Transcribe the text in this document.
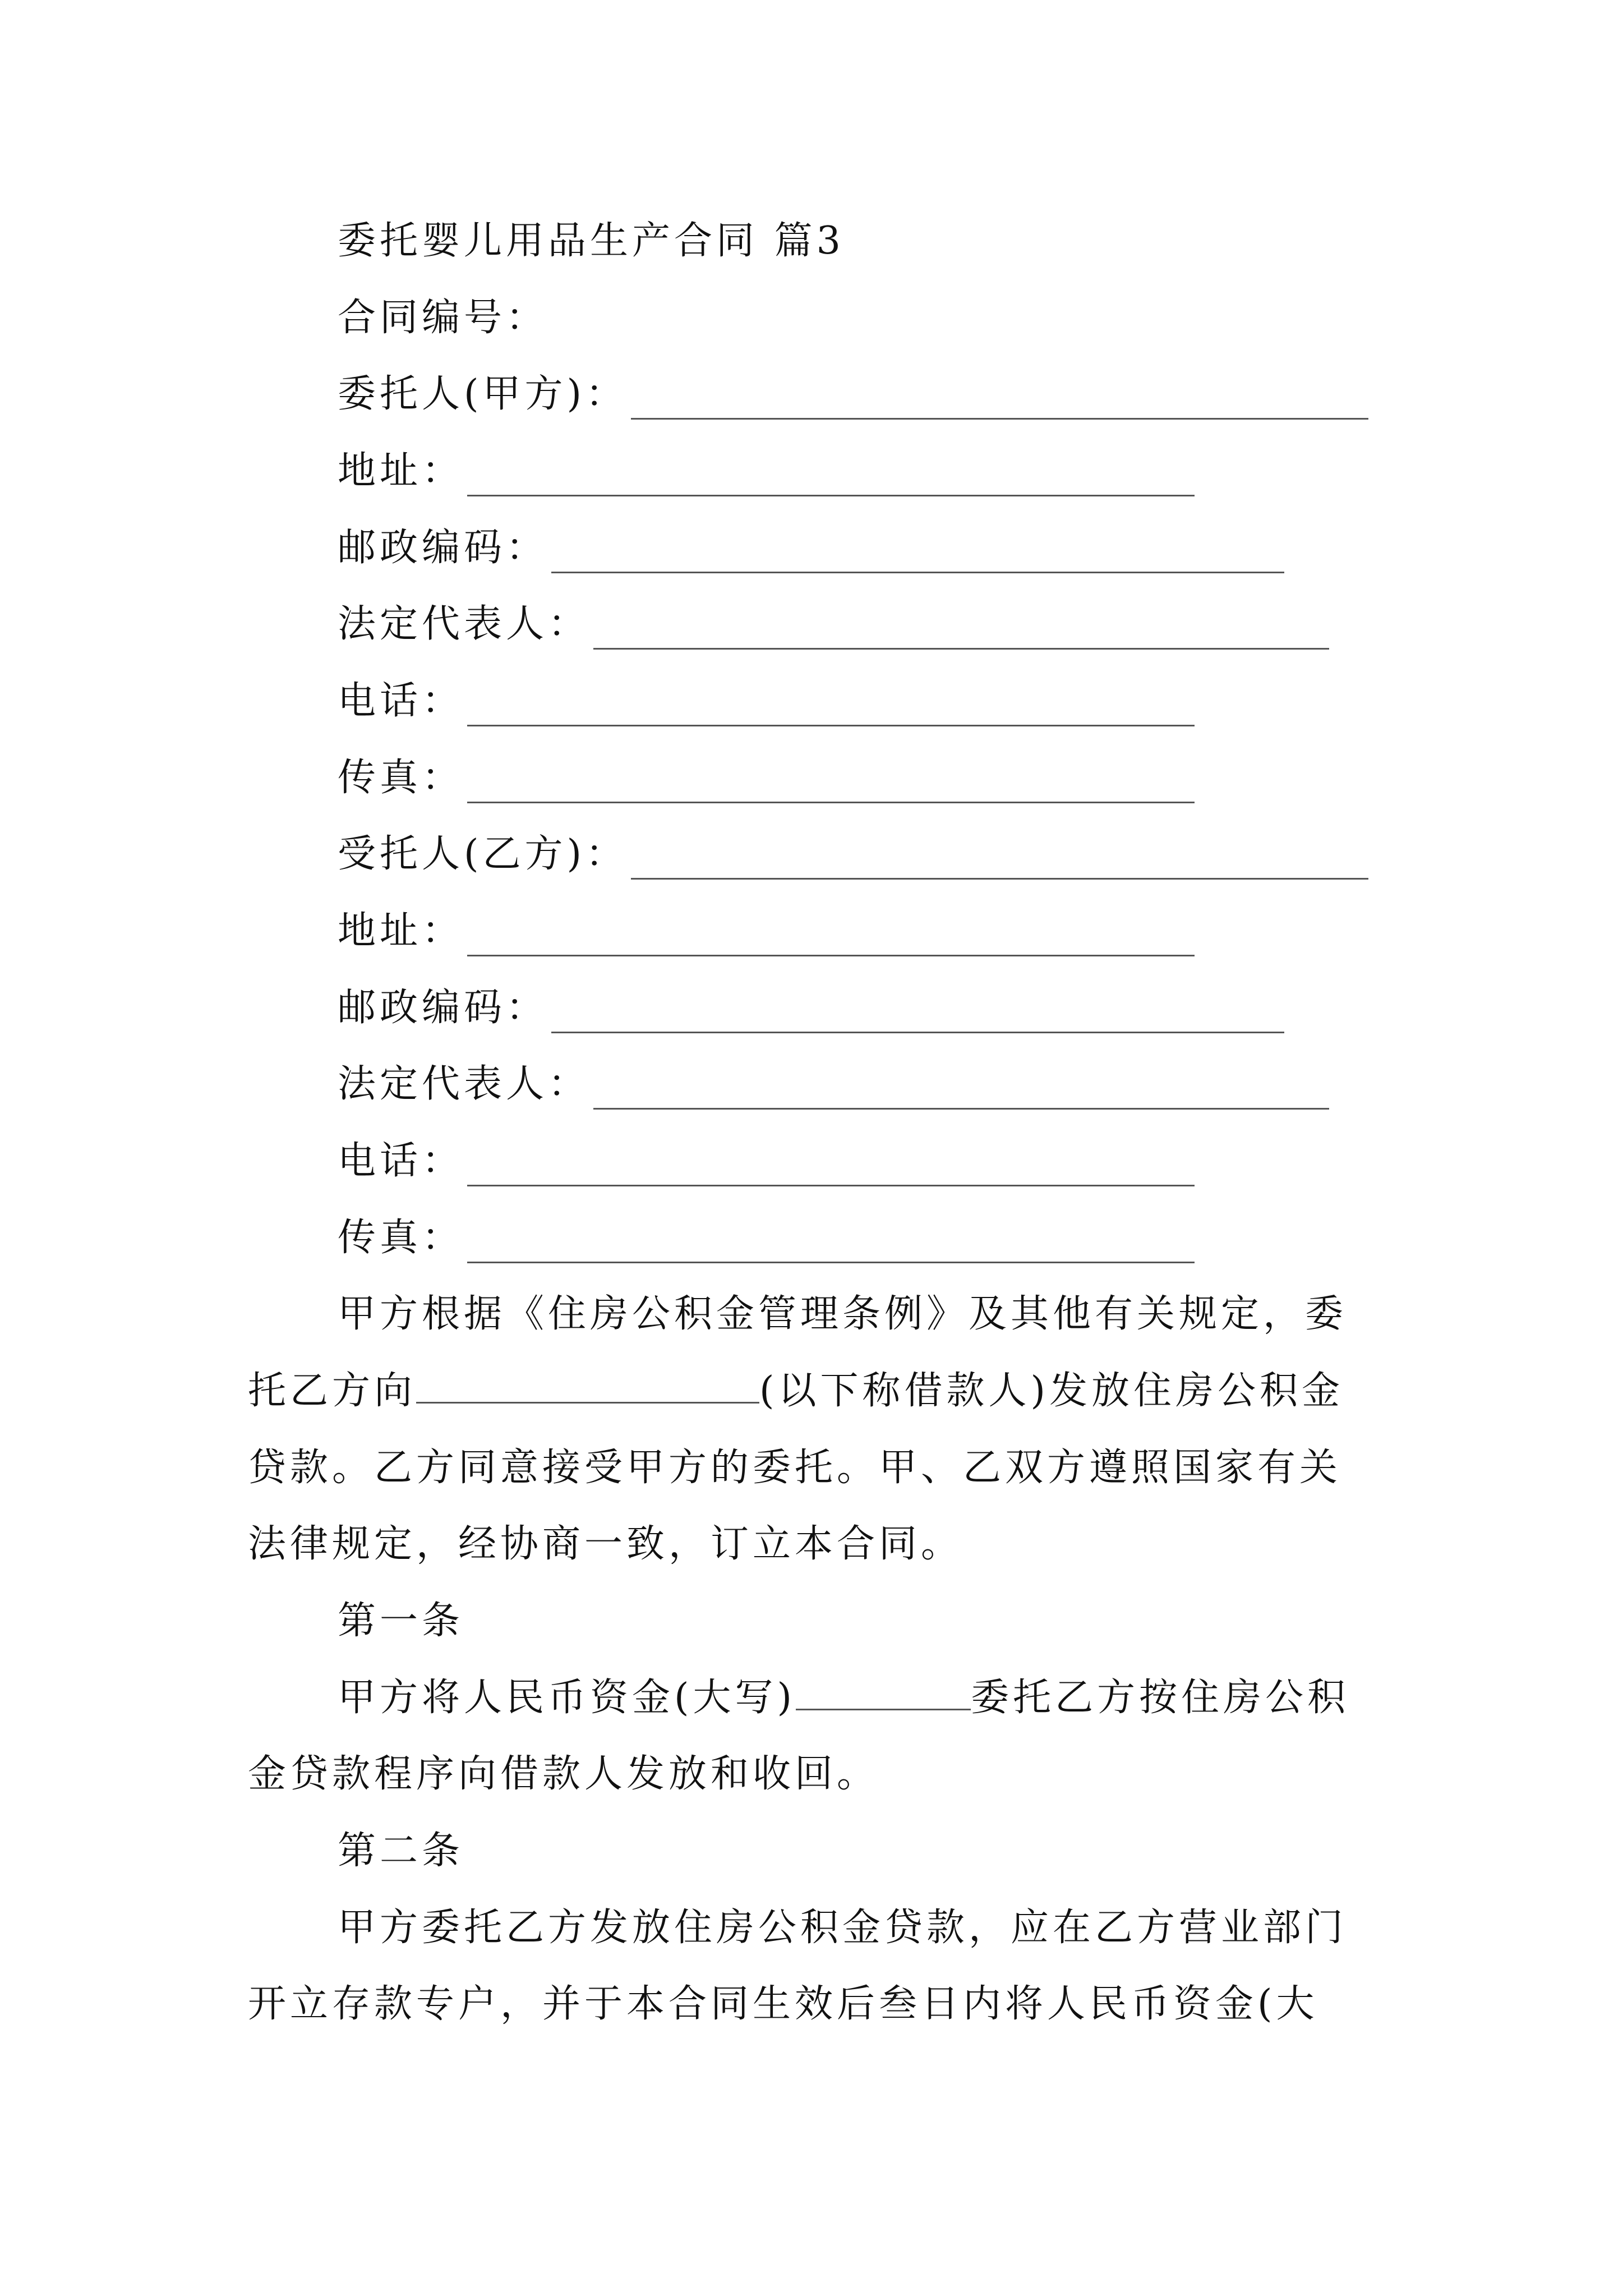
委托婴儿用品生产合同 篇3
合同编号：
委托人(甲方)：
地址：
邮政编码：
法定代表人：
电话：
传真：
受托人(乙方)：
地址：
邮政编码：
法定代表人：
电话：
传真：
甲方根据《住房公积金管理条例》及其他有关规定，委
托乙方向	(以下称借款人)发放住房公积金
贷款。乙方同意接受甲方的委托。甲、乙双方遵照国家有关
法律规定，经协商一致，订立本合同。
第一条
甲方将人民币资金(大写)	委托乙方按住房公积
金贷款程序向借款人发放和收回。
第二条
甲方委托乙方发放住房公积金贷款，应在乙方营业部门
开立存款专户，并于本合同生效后叁日内将人民币资金(大
